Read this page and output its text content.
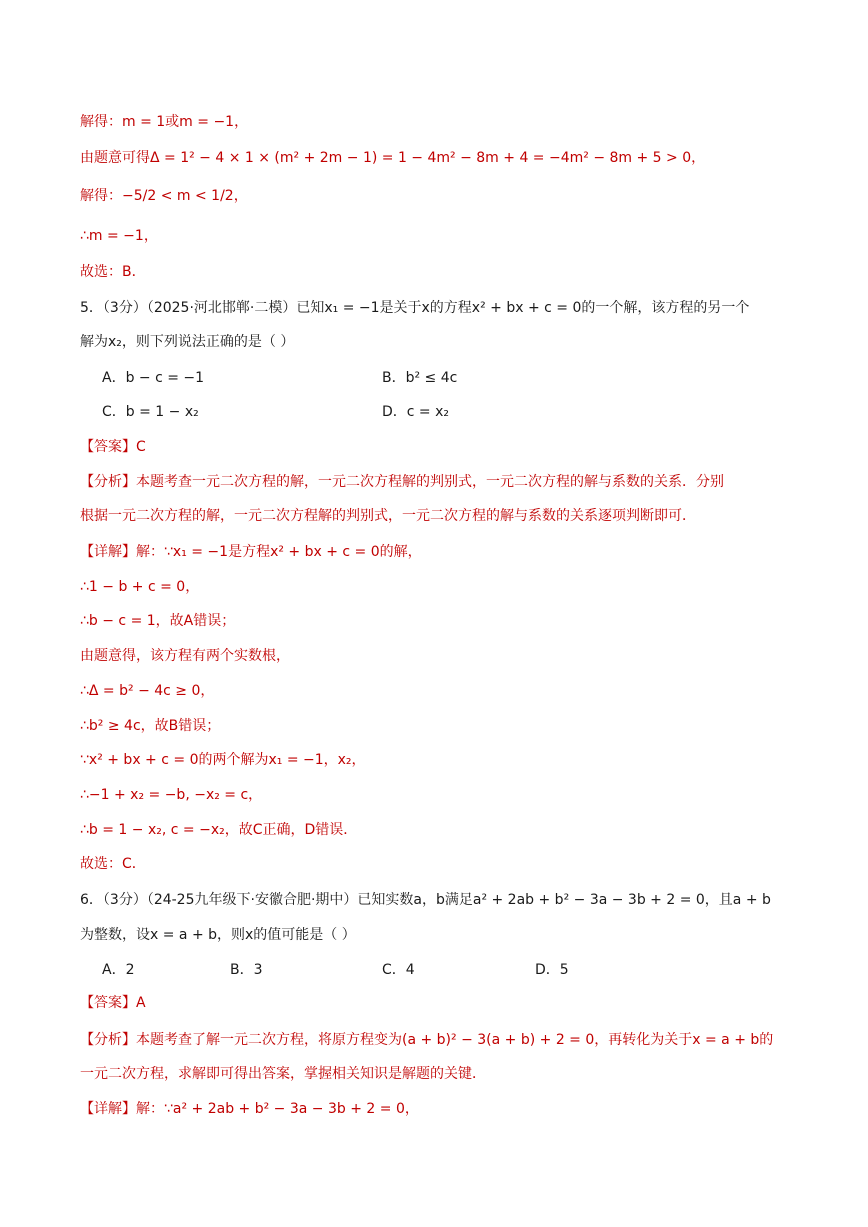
解得：m = 1或m = −1，
由题意可得Δ = 1² − 4 × 1 × (m² + 2m − 1) = 1 − 4m² − 8m + 4 = −4m² − 8m + 5 > 0，
解得：−5/2 < m < 1/2，
∴m = −1，
故选：B．
5．（3分）（2025·河北邯郸·二模）已知x₁ = −1是关于x的方程x² + bx + c = 0的一个解，该方程的另一个
解为x₂，则下列说法正确的是（ ）
A．b − c = −1	B．b² ≤ 4c
C．b = 1 − x₂	D．c = x₂
【答案】C
【分析】本题考查一元二次方程的解，一元二次方程解的判别式，一元二次方程的解与系数的关系．分别
根据一元二次方程的解，一元二次方程解的判别式，一元二次方程的解与系数的关系逐项判断即可．
【详解】解：∵x₁ = −1是方程x² + bx + c = 0的解，
∴1 − b + c = 0，
∴b − c = 1，故A错误；
由题意得，该方程有两个实数根，
∴Δ = b² − 4c ≥ 0，
∴b² ≥ 4c，故B错误；
∵x² + bx + c = 0的两个解为x₁ = −1，x₂，
∴−1 + x₂ = −b, −x₂ = c，
∴b = 1 − x₂, c = −x₂，故C正确，D错误．
故选：C．
6．（3分）（24-25九年级下·安徽合肥·期中）已知实数a，b满足a² + 2ab + b² − 3a − 3b + 2 = 0，且a + b
为整数，设x = a + b，则x的值可能是（ ）
A．2	B．3	C．4	D．5
【答案】A
【分析】本题考查了解一元二次方程，将原方程变为(a + b)² − 3(a + b) + 2 = 0，再转化为关于x = a + b的
一元二次方程，求解即可得出答案，掌握相关知识是解题的关键．
【详解】解：∵a² + 2ab + b² − 3a − 3b + 2 = 0，
